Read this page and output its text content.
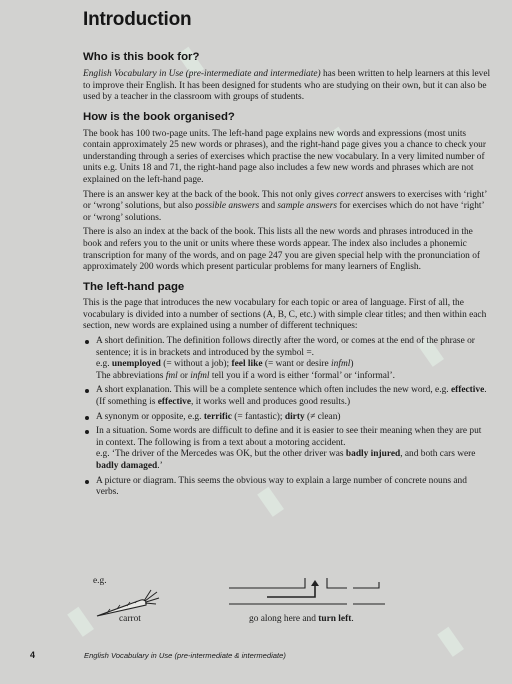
▮
▮
▮
▮
▮
▮
Introduction
Who is this book for?

English Vocabulary in Use (pre-intermediate and intermediate) has been written to help learners at this level to improve their English. It has been designed for students who are studying on their own, but it can also be used by a teacher in the classroom with groups of students.

How is the book organised?

The book has 100 two-page units. The left-hand page explains new words and expressions (most units contain approximately 25 new words or phrases), and the right-hand page gives you a chance to check your understanding through a series of exercises which practise the new vocabulary. In a very limited number of units e.g. Units 18 and 71, the right-hand page also includes a few new words and phrases which are not explained on the left-hand page.

There is an answer key at the back of the book. This not only gives correct answers to exercises with ‘right’ or ‘wrong’ solutions, but also possible answers and sample answers for exercises which do not have ‘right’ or ‘wrong’ solutions.

There is also an index at the back of the book. This lists all the new words and phrases introduced in the book and refers you to the unit or units where these words appear. The index also includes a phonemic transcription for many of the words, and on page 247 you are given special help with the pronunciation of approximately 200 words which present particular problems for many learners of English.

The left-hand page

This is the page that introduces the new vocabulary for each topic or area of language. First of all, the vocabulary is divided into a number of sections (A, B, C, etc.) with simple clear titles; and then within each section, new words are explained using a number of different techniques:

A short definition. The definition follows directly after the word, or comes at the end of the phrase or sentence; it is in brackets and introduced by the symbol =.
e.g. unemployed (= without a job); feel like (= want or desire infml)
The abbreviations fml or infml tell you if a word is either ‘formal’ or ‘informal’.
A short explanation. This will be a complete sentence which often includes the new word, e.g. effective. (If something is effective, it works well and produces good results.)
A synonym or opposite, e.g. terrific (= fantastic); dirty (≠ clean)
In a situation. Some words are difficult to define and it is easier to see their meaning when they are put in context. The following is from a text about a motoring accident.
e.g. ‘The driver of the Mercedes was OK, but the other driver was badly injured, and both cars were badly damaged.’
A picture or diagram. This seems the obvious way to explain a large number of concrete nouns and verbs.
e.g.
carrot	go along here and turn left.
4	English Vocabulary in Use (pre-intermediate & intermediate)
